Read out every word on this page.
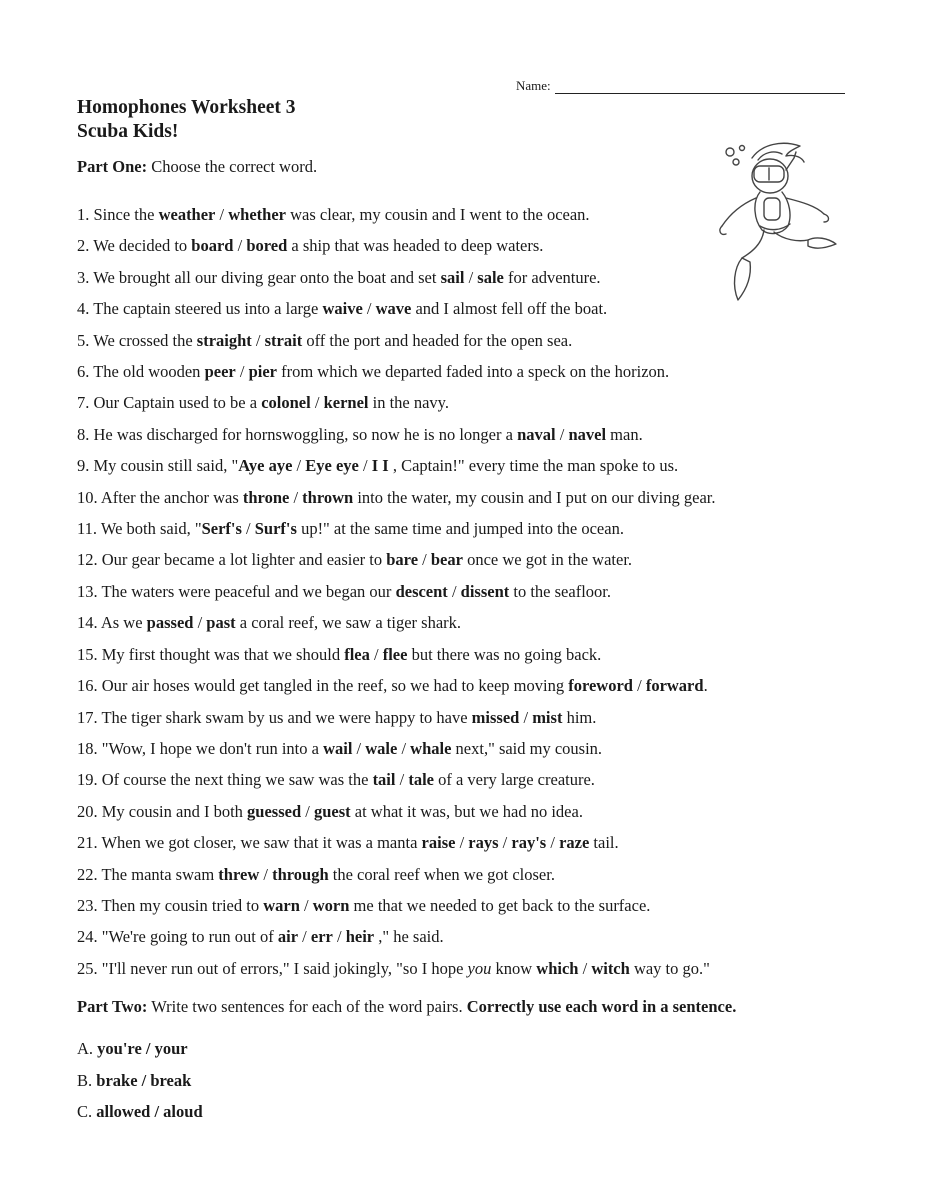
Name:
Homophones Worksheet 3
Scuba Kids!

Part One: Choose the correct word.

1. Since the weather / whether was clear, my cousin and I went to the ocean.
2. We decided to board / bored a ship that was headed to deep waters.
3. We brought all our diving gear onto the boat and set sail / sale for adventure.
4. The captain steered us into a large waive / wave and I almost fell off the boat.
5. We crossed the straight / strait off the port and headed for the open sea.
6. The old wooden peer / pier from which we departed faded into a speck on the horizon.
7. Our Captain used to be a colonel / kernel in the navy.
8. He was discharged for hornswoggling, so now he is no longer a naval / navel man.
9. My cousin still said, "Aye aye / Eye eye / I I , Captain!" every time the man spoke to us.
10. After the anchor was throne / thrown into the water, my cousin and I put on our diving gear.
11. We both said, "Serf's / Surf's up!" at the same time and jumped into the ocean.
12. Our gear became a lot lighter and easier to bare / bear once we got in the water.
13. The waters were peaceful and we began our descent / dissent to the seafloor.
14. As we passed / past a coral reef, we saw a tiger shark.
15. My first thought was that we should flea / flee but there was no going back.
16. Our air hoses would get tangled in the reef, so we had to keep moving foreword / forward.
17. The tiger shark swam by us and we were happy to have missed / mist him.
18. "Wow, I hope we don't run into a wail / wale / whale next," said my cousin.
19. Of course the next thing we saw was the tail / tale of a very large creature.
20. My cousin and I both guessed / guest at what it was, but we had no idea.
21. When we got closer, we saw that it was a manta raise / rays / ray's / raze tail.
22. The manta swam threw / through the coral reef when we got closer.
23. Then my cousin tried to warn / worn me that we needed to get back to the surface.
24. "We're going to run out of air / err / heir ," he said.
25. "I'll never run out of errors," I said jokingly, "so I hope you know which / witch way to go."

Part Two: Write two sentences for each of the word pairs. Correctly use each word in a sentence.

A. you're / your
B. brake / break
C. allowed / aloud
